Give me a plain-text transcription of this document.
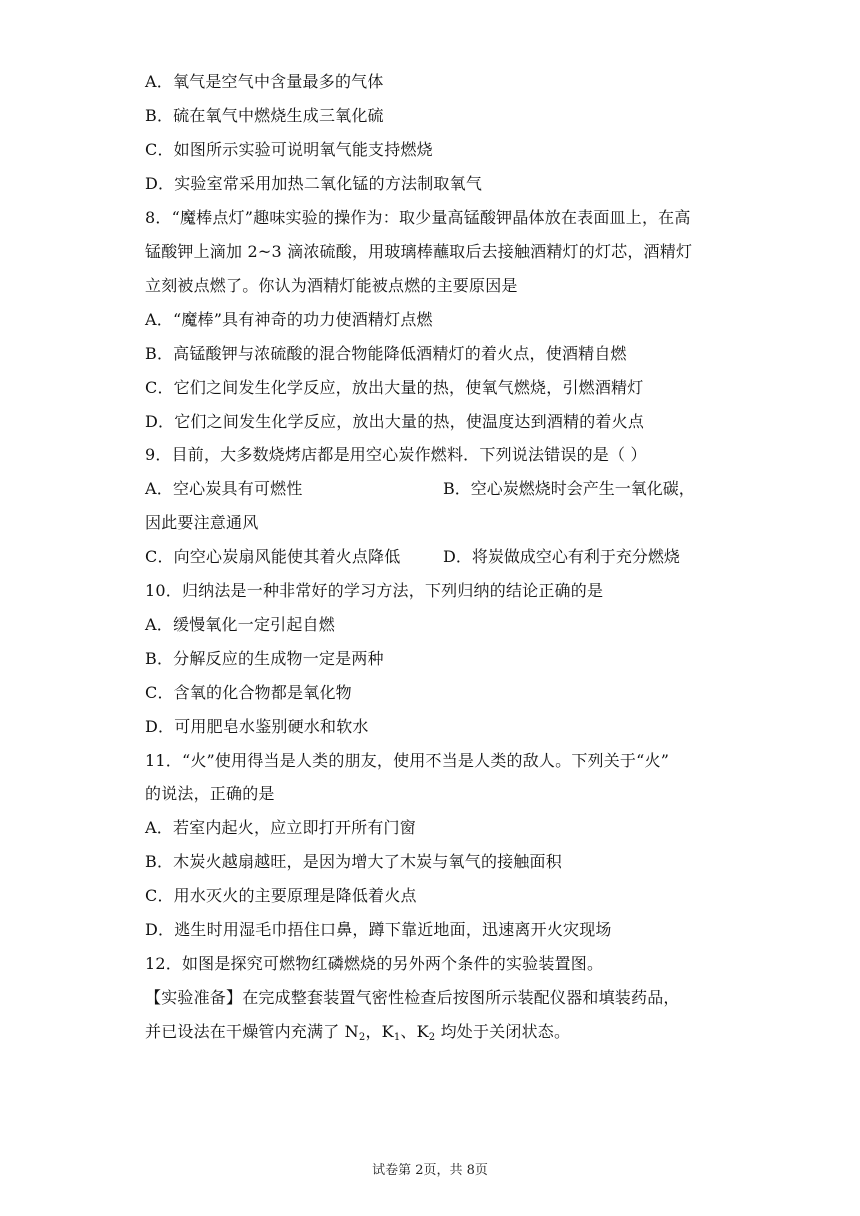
A．氧气是空气中含量最多的气体
B．硫在氧气中燃烧生成三氧化硫
C．如图所示实验可说明氧气能支持燃烧
D．实验室常采用加热二氧化锰的方法制取氧气
8．“魔棒点灯”趣味实验的操作为：取少量高锰酸钾晶体放在表面皿上，在高
锰酸钾上滴加 2~3 滴浓硫酸，用玻璃棒蘸取后去接触酒精灯的灯芯，酒精灯
立刻被点燃了。你认为酒精灯能被点燃的主要原因是
A．“魔棒”具有神奇的功力使酒精灯点燃
B．高锰酸钾与浓硫酸的混合物能降低酒精灯的着火点，使酒精自燃
C．它们之间发生化学反应，放出大量的热，使氧气燃烧，引燃酒精灯
D．它们之间发生化学反应，放出大量的热，使温度达到酒精的着火点
9．目前，大多数烧烤店都是用空心炭作燃料．下列说法错误的是（ ）
A．空心炭具有可燃性	B．空心炭燃烧时会产生一氧化碳，
因此要注意通风
C．向空心炭扇风能使其着火点降低	D．将炭做成空心有利于充分燃烧
10．归纳法是一种非常好的学习方法，下列归纳的结论正确的是
A．缓慢氧化一定引起自燃
B．分解反应的生成物一定是两种
C．含氧的化合物都是氧化物
D．可用肥皂水鉴别硬水和软水
11．“火”使用得当是人类的朋友，使用不当是人类的敌人。下列关于“火”
的说法，正确的是
A．若室内起火，应立即打开所有门窗
B．木炭火越扇越旺，是因为增大了木炭与氧气的接触面积
C．用水灭火的主要原理是降低着火点
D．逃生时用湿毛巾捂住口鼻，蹲下靠近地面，迅速离开火灾现场
12．如图是探究可燃物红磷燃烧的另外两个条件的实验装置图。
【实验准备】在完成整套装置气密性检查后按图所示装配仪器和填装药品，
并已设法在干燥管内充满了 $N_2$，$K_1$、$K_2$ 均处于关闭状态。
试卷第 2页，共 8页
